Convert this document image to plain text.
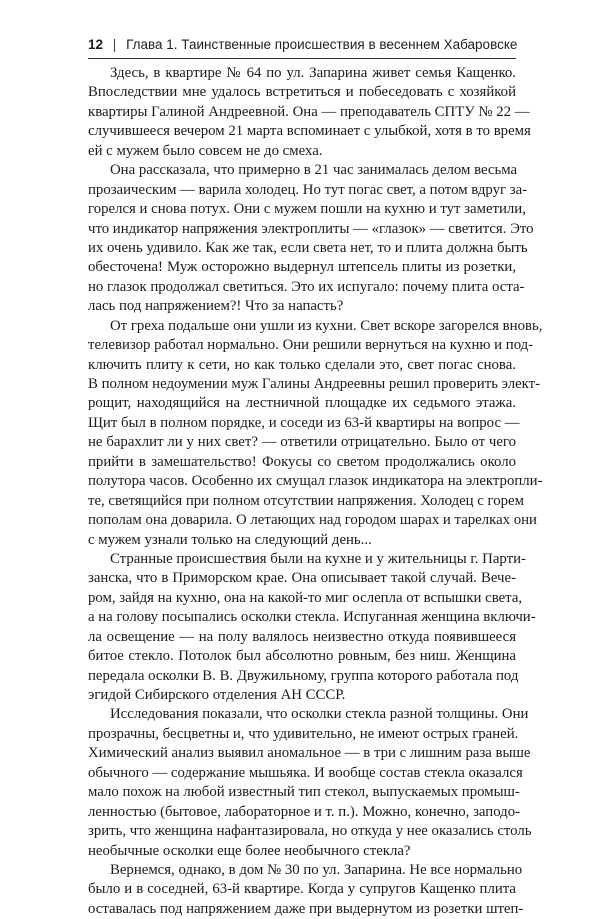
12 | Глава 1. Таинственные происшествия в весеннем Хабаровске
Здесь, в квартире № 64 по ул. Запарина живет семья Кащенко.
Впоследствии мне удалось встретиться и побеседовать с хозяйкой
квартиры Галиной Андреевной. Она — преподаватель СПТУ № 22 —
случившееся вечером 21 марта вспоминает с улыбкой, хотя в то время
ей с мужем было совсем не до смеха.
Она рассказала, что примерно в 21 час занималась делом весьма
прозаическим — варила холодец. Но тут погас свет, а потом вдруг за-
горелся и снова потух. Они с мужем пошли на кухню и тут заметили,
что индикатор напряжения электроплиты — «глазок» — светится. Это
их очень удивило. Как же так, если света нет, то и плита должна быть
обесточена! Муж осторожно выдернул штепсель плиты из розетки,
но глазок продолжал светиться. Это их испугало: почему плита оста-
лась под напряжением?! Что за напасть?
От греха подальше они ушли из кухни. Свет вскоре загорелся вновь,
телевизор работал нормально. Они решили вернуться на кухню и под-
ключить плиту к сети, но как только сделали это, свет погас снова.
В полном недоумении муж Галины Андреевны решил проверить элект-
рощит, находящийся на лестничной площадке их седьмого этажа.
Щит был в полном порядке, и соседи из 63-й квартиры на вопрос —
не барахлит ли у них свет? — ответили отрицательно. Было от чего
прийти в замешательство! Фокусы со светом продолжались около
полутора часов. Особенно их смущал глазок индикатора на электропли-
те, светящийся при полном отсутствии напряжения. Холодец с горем
пополам она доварила. О летающих над городом шарах и тарелках они
с мужем узнали только на следующий день...
Странные происшествия были на кухне и у жительницы г. Парти-
занска, что в Приморском крае. Она описывает такой случай. Вече-
ром, зайдя на кухню, она на какой-то миг ослепла от вспышки света,
а на голову посыпались осколки стекла. Испуганная женщина включи-
ла освещение — на полу валялось неизвестно откуда появившееся
битое стекло. Потолок был абсолютно ровным, без ниш. Женщина
передала осколки В. В. Двужильному, группа которого работала под
эгидой Сибирского отделения АН СССР.
Исследования показали, что осколки стекла разной толщины. Они
прозрачны, бесцветны и, что удивительно, не имеют острых граней.
Химический анализ выявил аномальное — в три с лишним раза выше
обычного — содержание мышьяка. И вообще состав стекла оказался
мало похож на любой известный тип стекол, выпускаемых промыш-
ленностью (бытовое, лабораторное и т. п.). Можно, конечно, заподо-
зрить, что женщина нафантазировала, но откуда у нее оказались столь
необычные осколки еще более необычного стекла?
Вернемся, однако, в дом № 30 по ул. Запарина. Не все нормально
было и в соседней, 63-й квартире. Когда у супругов Кащенко плита
оставалась под напряжением даже при выдернутом из розетки штеп-
